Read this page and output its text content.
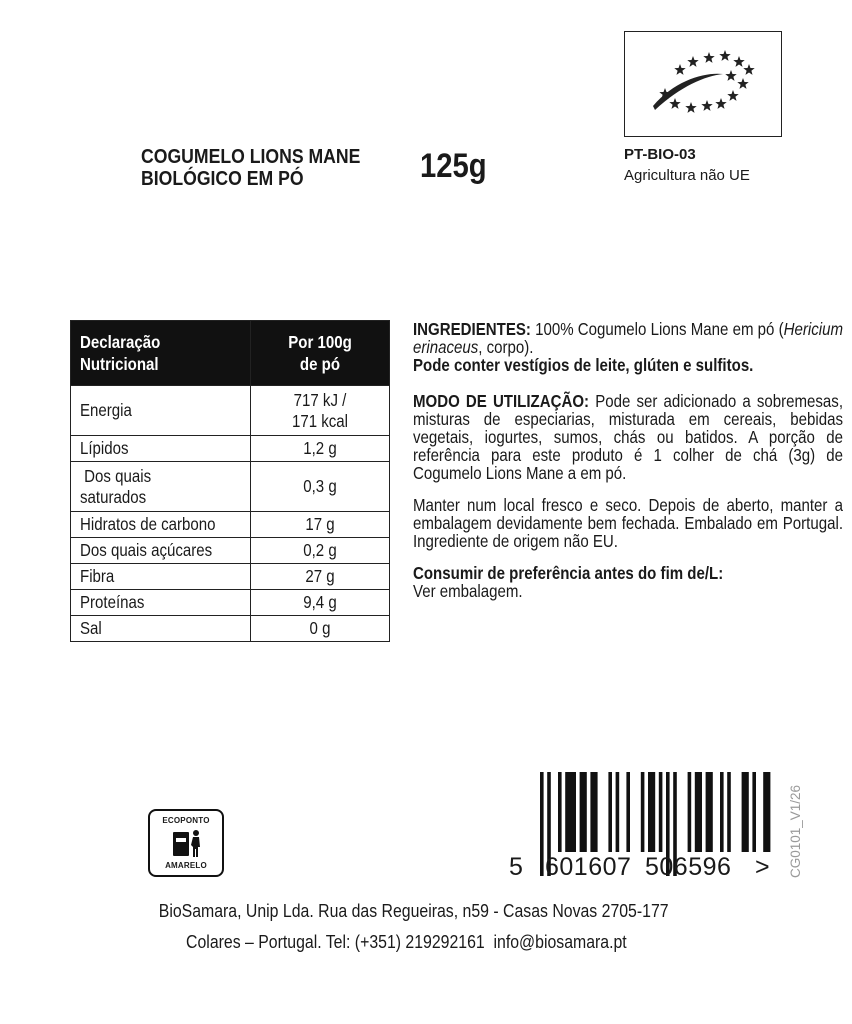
COGUMELO LIONS MANE
BIOLÓGICO EM PÓ	125g	PT-BIO-03
Agricultura não UE
Declaração
Nutricional	Por 100g
de pó

Energia	717 kJ /
171 kcal

Lípidos	1,2 g

Dos quais
saturados	0,3 g

Hidratos de carbono	17 g

Dos quais açúcares	0,2 g

Fibra	27 g

Proteínas	9,4 g

Sal	0 g

INGREDIENTES: 100% Cogumelo Lions Mane em pó (Hericium erinaceus, corpo).

Pode conter vestígios de leite, glúten e sulfitos.

MODO DE UTILIZAÇÃO: Pode ser adicionado a sobremesas, misturas de especiarias, misturada em cereais, bebidas vegetais, iogurtes, sumos, chás ou batidos. A porção de referência para este produto é 1 colher de chá (3g) de Cogumelo Lions Mane a em pó.

Manter num local fresco e seco. Depois de aberto, manter a embalagem devidamente bem fechada. Embalado em Portugal. Ingrediente de origem não EU.

Consumir de preferência antes do fim de/L:
Ver embalagem.

ECOPONTO
AMARELO	5 601607 506596 > CG0101_V1/26
BioSamara, Unip Lda. Rua das Regueiras, n59 - Casas Novas 2705-177
Colares – Portugal. Tel: (+351) 219292161  info@biosamara.pt
